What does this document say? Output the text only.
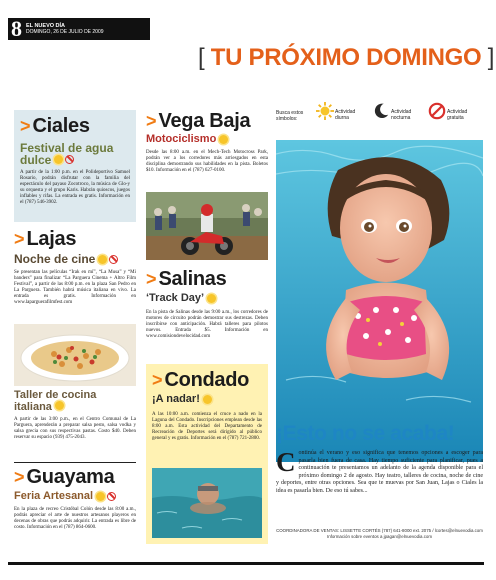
8 EL NUEVO DÍA
DOMINGO, 26 DE JULIO DE 2009
[ TU PRÓXIMO DOMINGO ]
Busca estos símbolos:
Actividad diurna
Actividad nocturna
Actividad gratuita
> Ciales
Festival de agua dulce

A partir de la 1:00 p.m. en el Polideportivo Samuel Rosario, podrán disfrutar con la familia del espectáculo del payaso Zocotroco, la música de Glo-y su orquesta y el grupo Karis. Habrán quioscos, juegos inflables y rifas. La entrada es gratis. Información en el (787) 546-3902.

> Lajas
Noche de cine

Se presentan las películas “Irak en mí”, “La Musa” y “Mi banders” para finalizar “La Parguera Cinema + Altro Film Festival”, a partir de las 8:00 p.m. en la plaza San Pedro en La Parguera. También habrá música italiana en vivo. La entrada es gratis. Información en www.laparguerafilmfest.com

Taller de cocina italiana

A partir de las 3:00 p.m., en el Centro Comunal de La Parguera, aprenderán a preparar salsa pesto, salsa vodka y salsa grecia con sus respectivas pastas. Costo $40. Deben reservar su espacio (939) 475-2043.

> Guayama
Feria Artesanal

En la plaza de recreo Cristóbal Colón desde las 8:00 a.m., podrás apreciar el arte de nuestros artesanos playeros en decenas de obras que podrás adquirir. La entrada es libre de costo. Información en el (787) 864-0600.

> Vega Baja
Motociclismo

Desde las 8:00 a.m. en el Mech-Tech Motocross Park, podrán ver a los corredores más arriesgados en esta disciplina demostrando sus habilidades en la pista. Boletos $10. Información en el (787) 627-0100.

> Salinas
‘Track Day’

En la pista de Salinas desde las 9:00 a.m., los corredores de motores de circuito podrán demostrar sus destrezas. Deben inscribirse con anticipación. Habrá talleres para pilotos nuevos. Entrada $5. Información en www.comisiondevelocidad.com

> Condado
¡A nadar!

A las 10:00 a.m. comienza el cruce a nado en la Laguna del Condado. Inscripciones emplean desde las 8:00 a.m. Esta actividad del Departamento de Recreación de Deportes será dirigido al público general y es gratis. Información en el (787) 721-2800. ¡Esto no se acaba!
Continúa el verano y eso significa que tenemos opciones a escoger para pasarla bien fuera de casa. Hay tiempo suficiente para planificar, pues a continuación te presentamos un adelanto de la agenda disponible para el próximo domingo 2 de agosto. Hay teatro, talleres de cocina, noche de cine y deportes, entre otras opciones. Sea que te muevas por San Juan, Lajas o Ciales la idea es pasarla bien. De eso tú sabes...
COORDINADORA DE VENTAS: LISSETTE CORTÉS (787) 641-8000 ext. 2075 / lcortes@elnuevodia.com
Información sobre eventos a jpagan@elnuevodia.com
